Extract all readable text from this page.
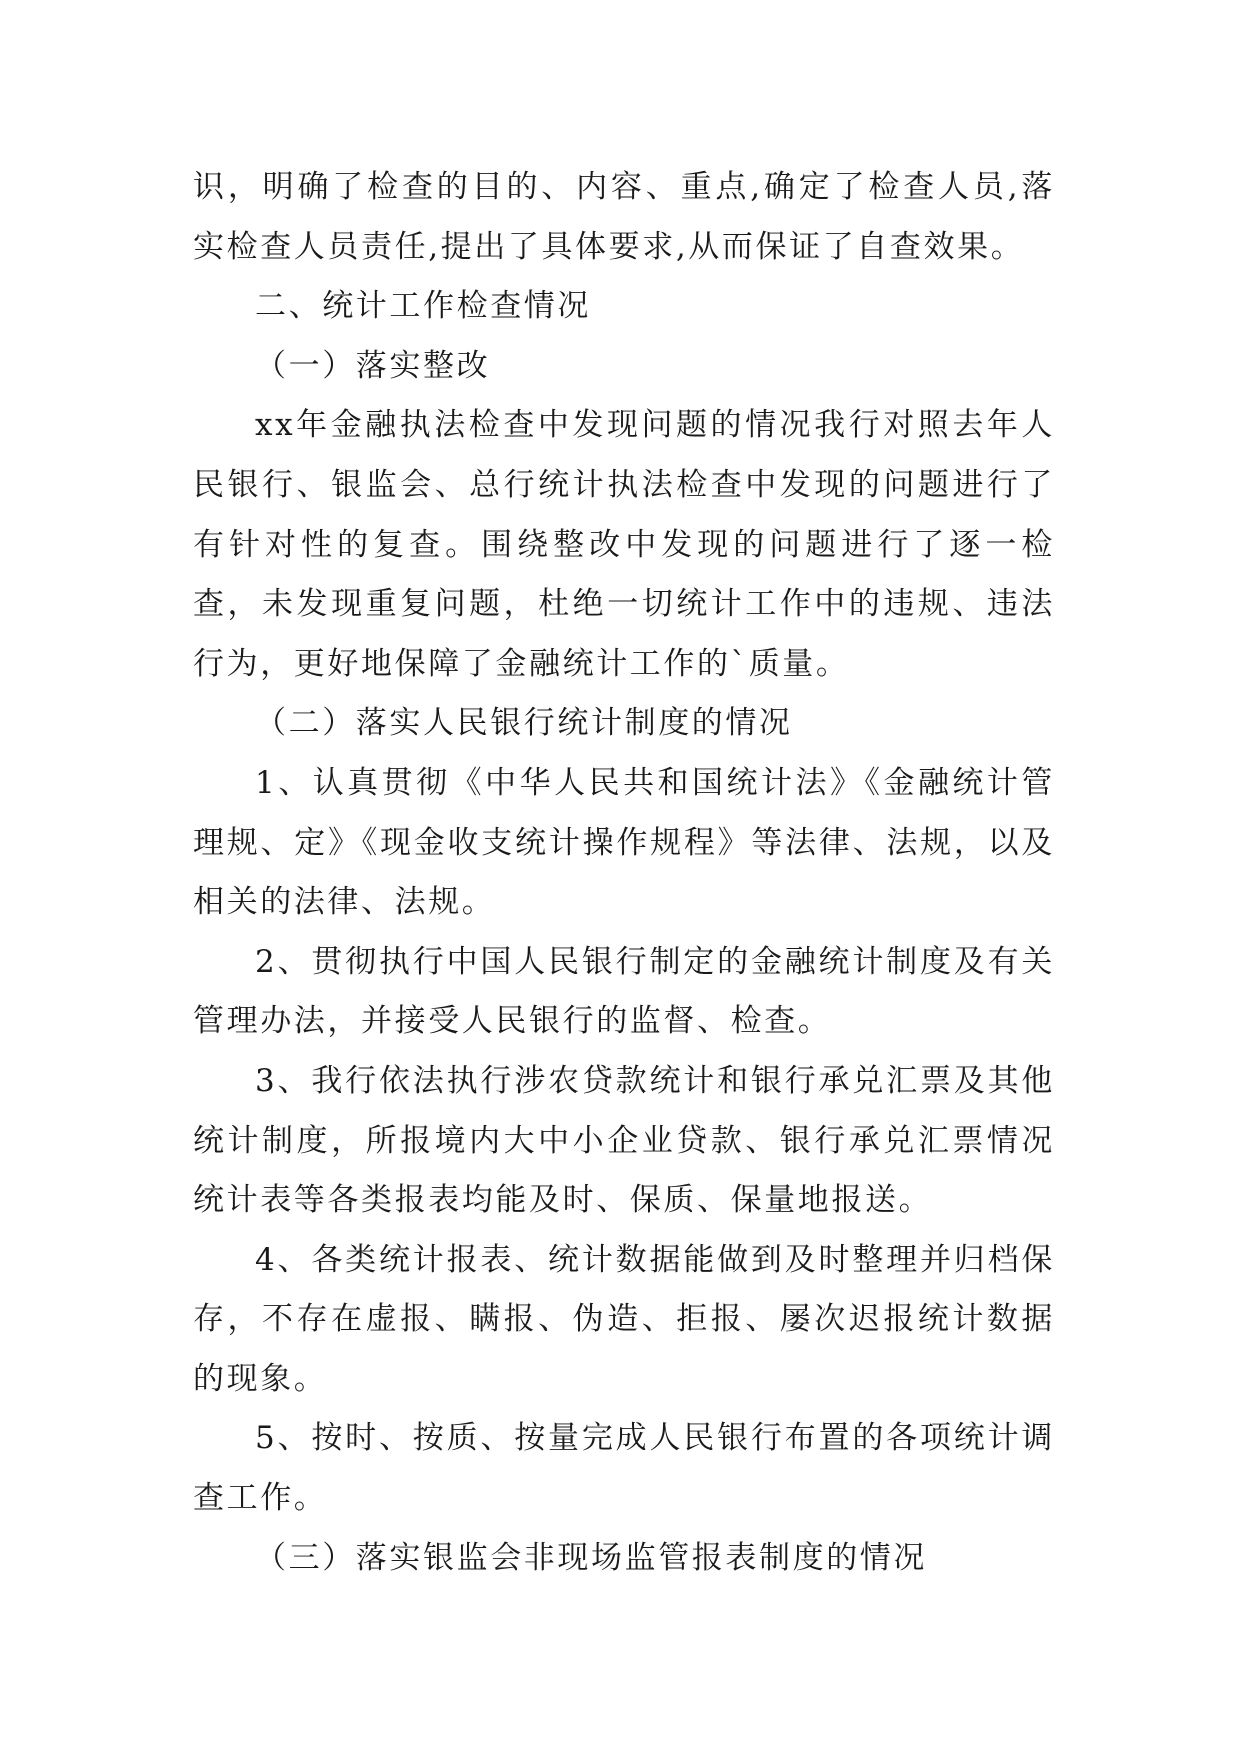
识，明确了检查的目的、内容、重点,确定了检查人员,落实检查人员责任,提出了具体要求,从而保证了自查效果。

二、统计工作检查情况

（一）落实整改

xx年金融执法检查中发现问题的情况我行对照去年人民银行、银监会、总行统计执法检查中发现的问题进行了有针对性的复查。围绕整改中发现的问题进行了逐一检查，未发现重复问题，杜绝一切统计工作中的违规、违法行为，更好地保障了金融统计工作的`质量。

（二）落实人民银行统计制度的情况

1、认真贯彻《中华人民共和国统计法》《金融统计管理规、定》《现金收支统计操作规程》等法律、法规，以及相关的法律、法规。

2、贯彻执行中国人民银行制定的金融统计制度及有关管理办法，并接受人民银行的监督、检查。

3、我行依法执行涉农贷款统计和银行承兑汇票及其他统计制度，所报境内大中小企业贷款、银行承兑汇票情况统计表等各类报表均能及时、保质、保量地报送。

4、各类统计报表、统计数据能做到及时整理并归档保存，不存在虚报、瞒报、伪造、拒报、屡次迟报统计数据的现象。

5、按时、按质、按量完成人民银行布置的各项统计调查工作。

（三）落实银监会非现场监管报表制度的情况
